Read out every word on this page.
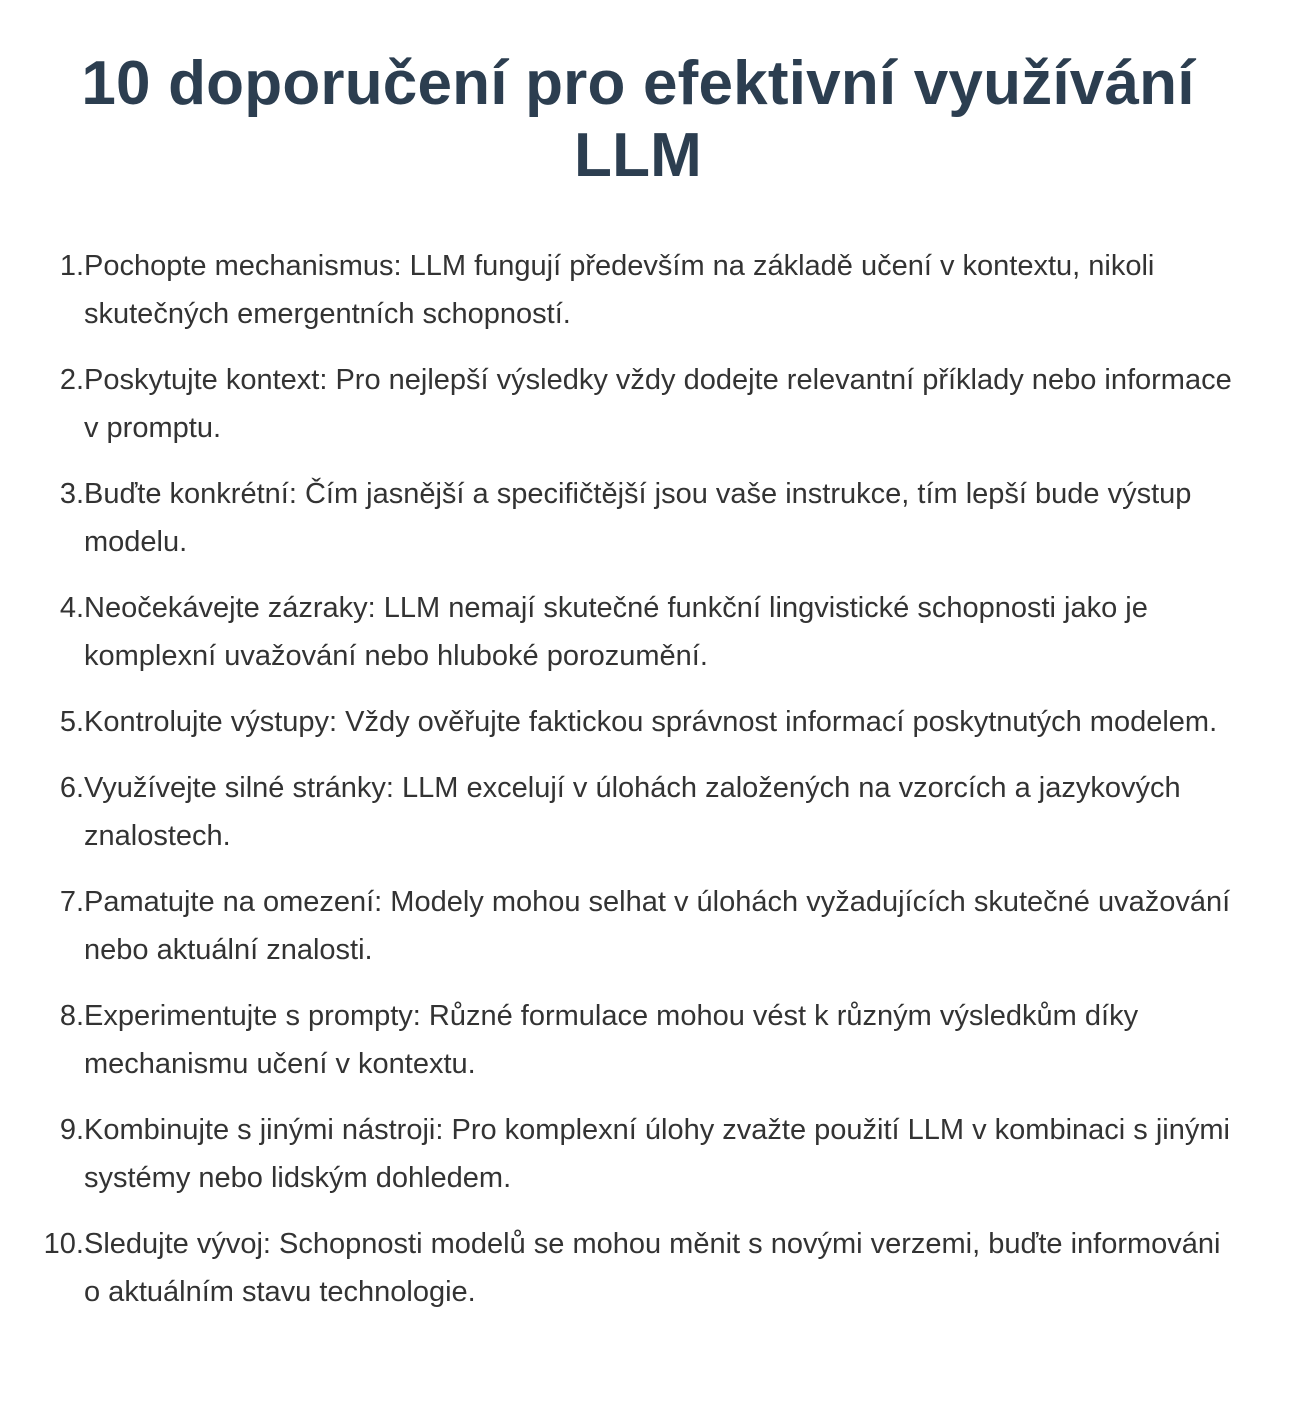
10 doporučení pro efektivní využívání LLM
1. Pochopte mechanismus: LLM fungují především na základě učení v kontextu, nikoli skutečných emergentních schopností.
2. Poskytujte kontext: Pro nejlepší výsledky vždy dodejte relevantní příklady nebo informace v promptu.
3. Buďte konkrétní: Čím jasnější a specifičtější jsou vaše instrukce, tím lepší bude výstup modelu.
4. Neočekávejte zázraky: LLM nemají skutečné funkční lingvistické schopnosti jako je komplexní uvažování nebo hluboké porozumění.
5. Kontrolujte výstupy: Vždy ověřujte faktickou správnost informací poskytnutých modelem.
6. Využívejte silné stránky: LLM excelují v úlohách založených na vzorcích a jazykových znalostech.
7. Pamatujte na omezení: Modely mohou selhat v úlohách vyžadujících skutečné uvažování nebo aktuální znalosti.
8. Experimentujte s prompty: Různé formulace mohou vést k různým výsledkům díky mechanismu učení v kontextu.
9. Kombinujte s jinými nástroji: Pro komplexní úlohy zvažte použití LLM v kombinaci s jinými systémy nebo lidským dohledem.
10. Sledujte vývoj: Schopnosti modelů se mohou měnit s novými verzemi, buďte informováni o aktuálním stavu technologie.
